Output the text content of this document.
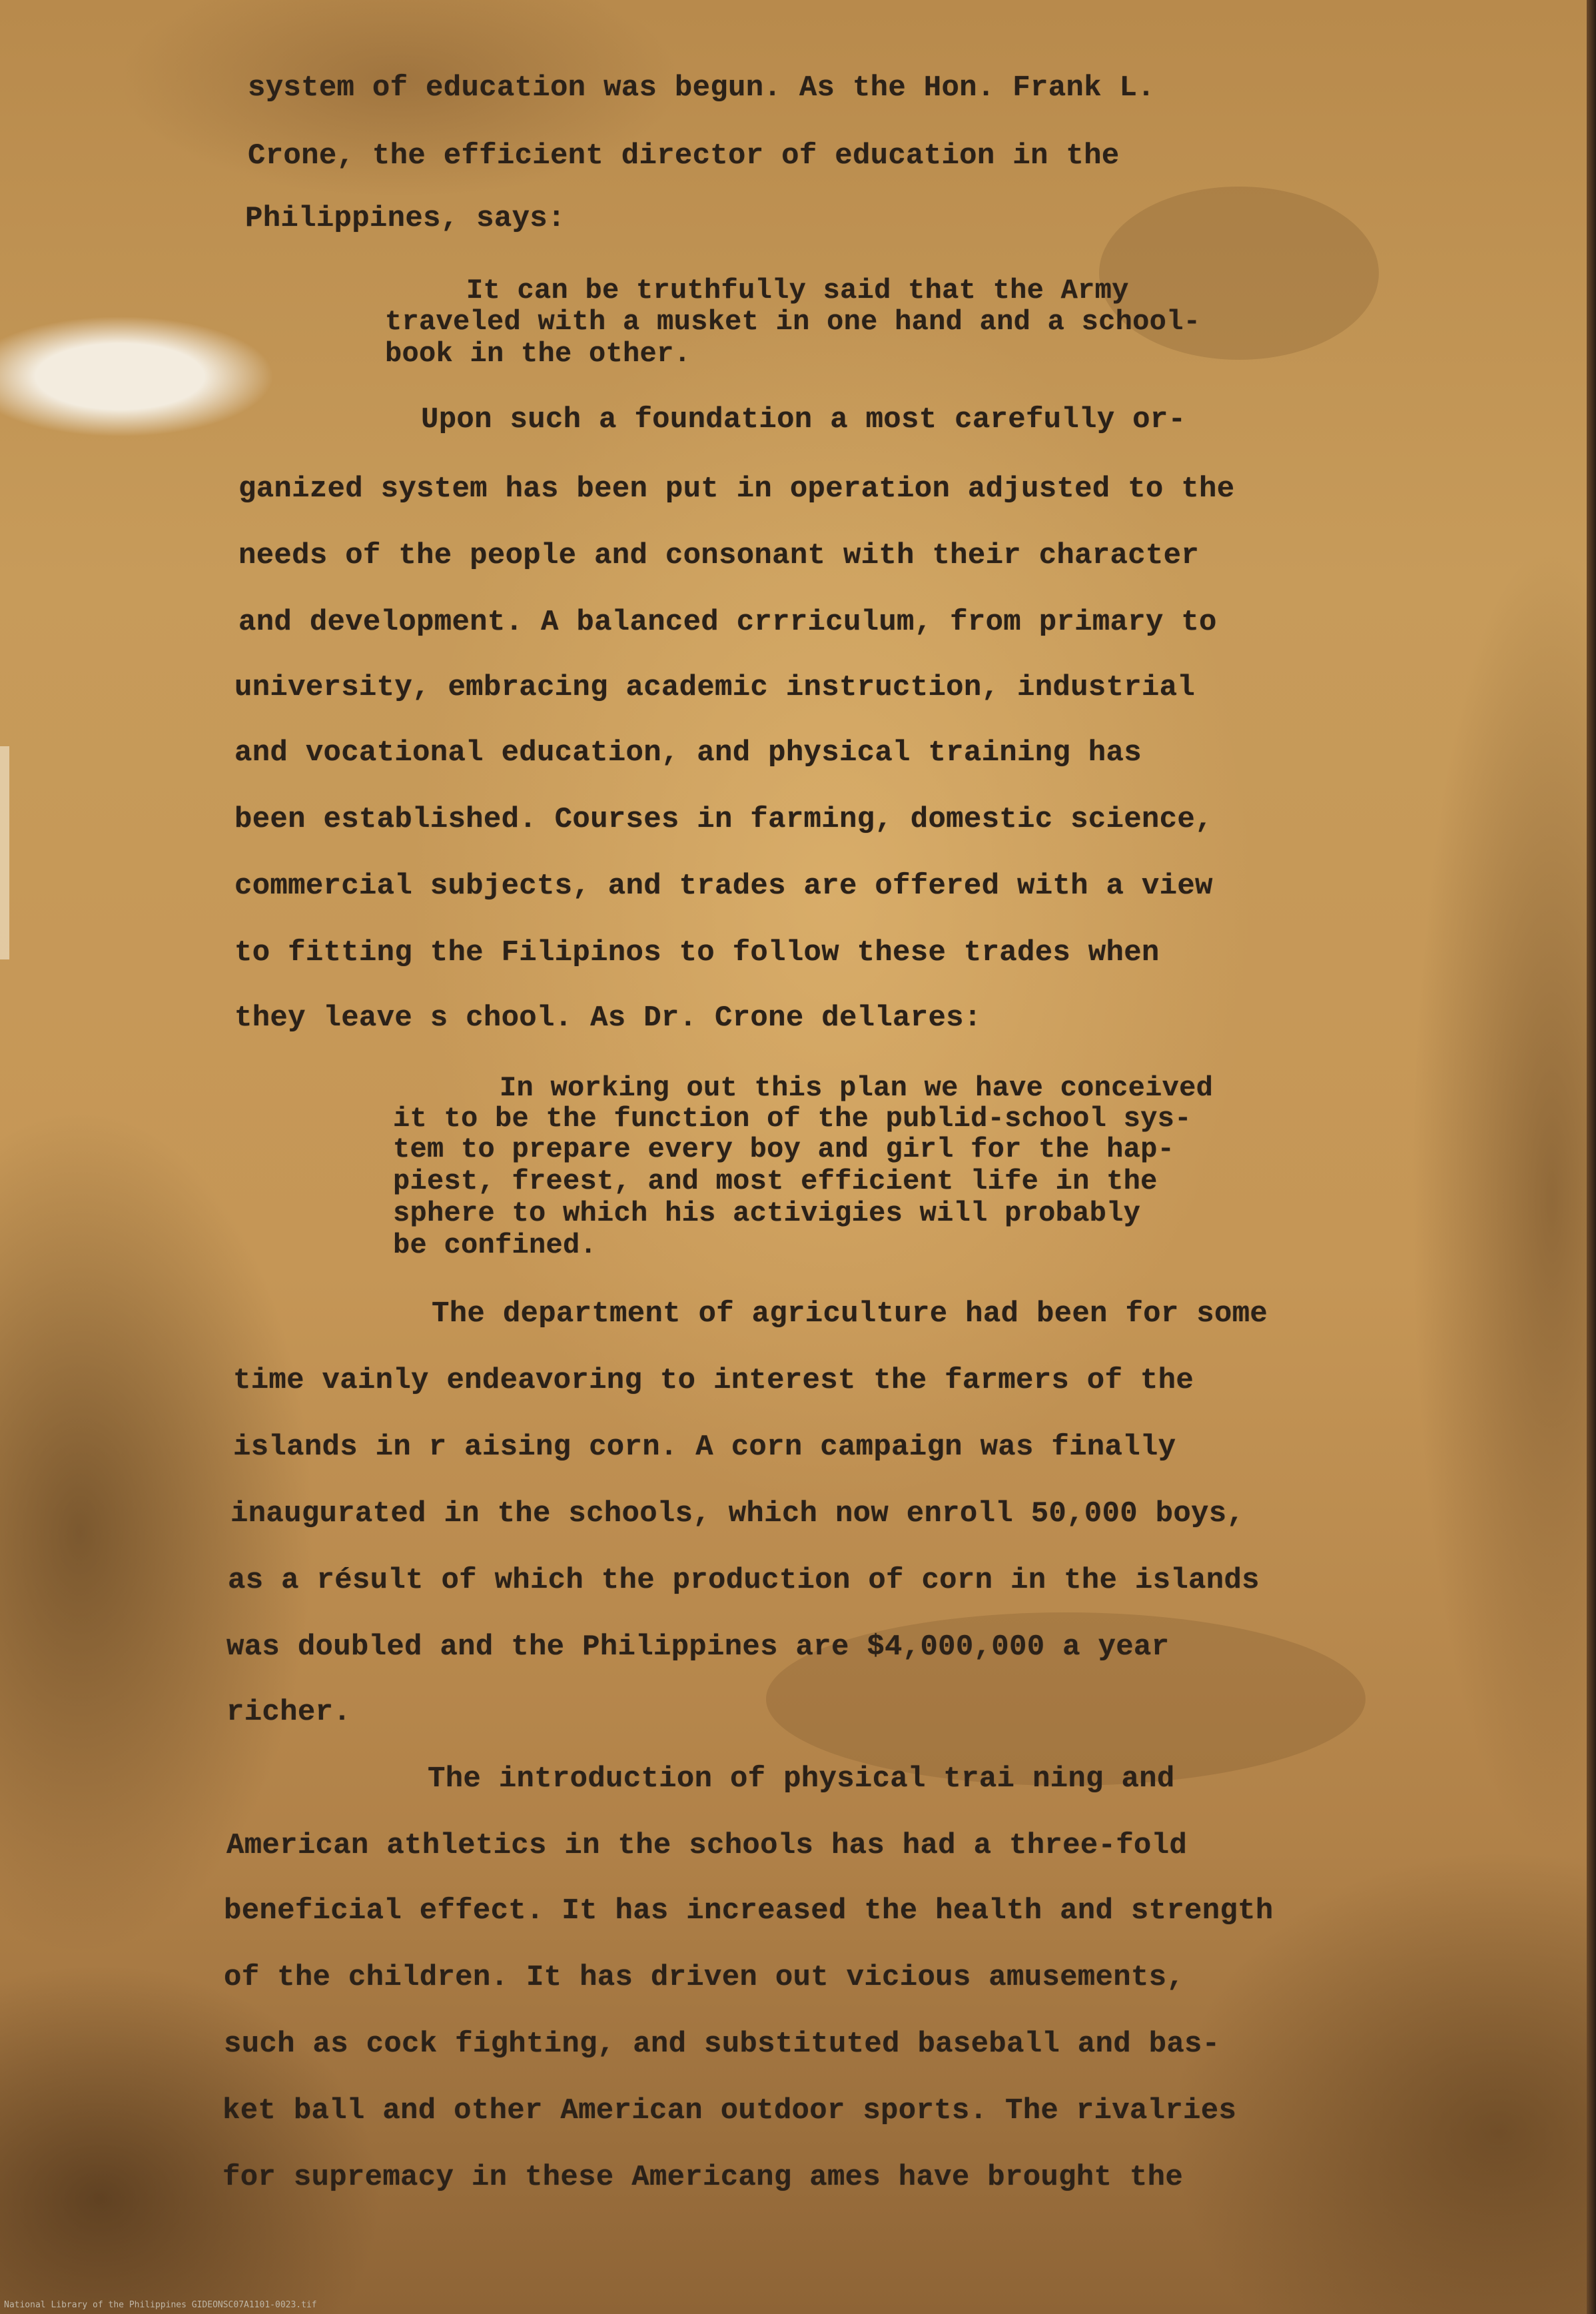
system of education was begun. As the Hon. Frank L.
Crone, the efficient director of education in the
Philippines, says:
It can be truthfully said that the Army
traveled with a musket in one hand and a school-
book in the other.
Upon such a foundation a most carefully or-
ganized system has been put in operation adjusted to the
needs of the people and consonant with their character
and development. A balanced crrriculum, from primary to
university, embracing academic instruction, industrial
and vocational education, and physical training has
been established. Courses in farming, domestic science,
commercial subjects, and trades are offered with a view
to fitting the Filipinos to follow these trades when
they leave s chool. As Dr. Crone dellares:
In working out this plan we have conceived
it to be the function of the publid-school sys-
tem to prepare every boy and girl for the hap-
piest, freest, and most efficient life in the
sphere to which his activigies will probably
be confined.
The department of agriculture had been for some
time vainly endeavoring to interest the farmers of the
islands in r aising corn. A corn campaign was finally
inaugurated in the schools, which now enroll 50,000 boys,
as a résult of which the production of corn in the islands
was doubled and the Philippines are $4,000,000 a year
richer.
The introduction of physical trai ning and
American athletics in the schools has had a three-fold
beneficial effect. It has increased the health and strength
of the children. It has driven out vicious amusements,
such as cock fighting, and substituted baseball and bas-
ket ball and other American outdoor sports. The rivalries
for supremacy in these Americang ames have brought the
National Library of the Philippines GIDEONSC07A1101-0023.tif
